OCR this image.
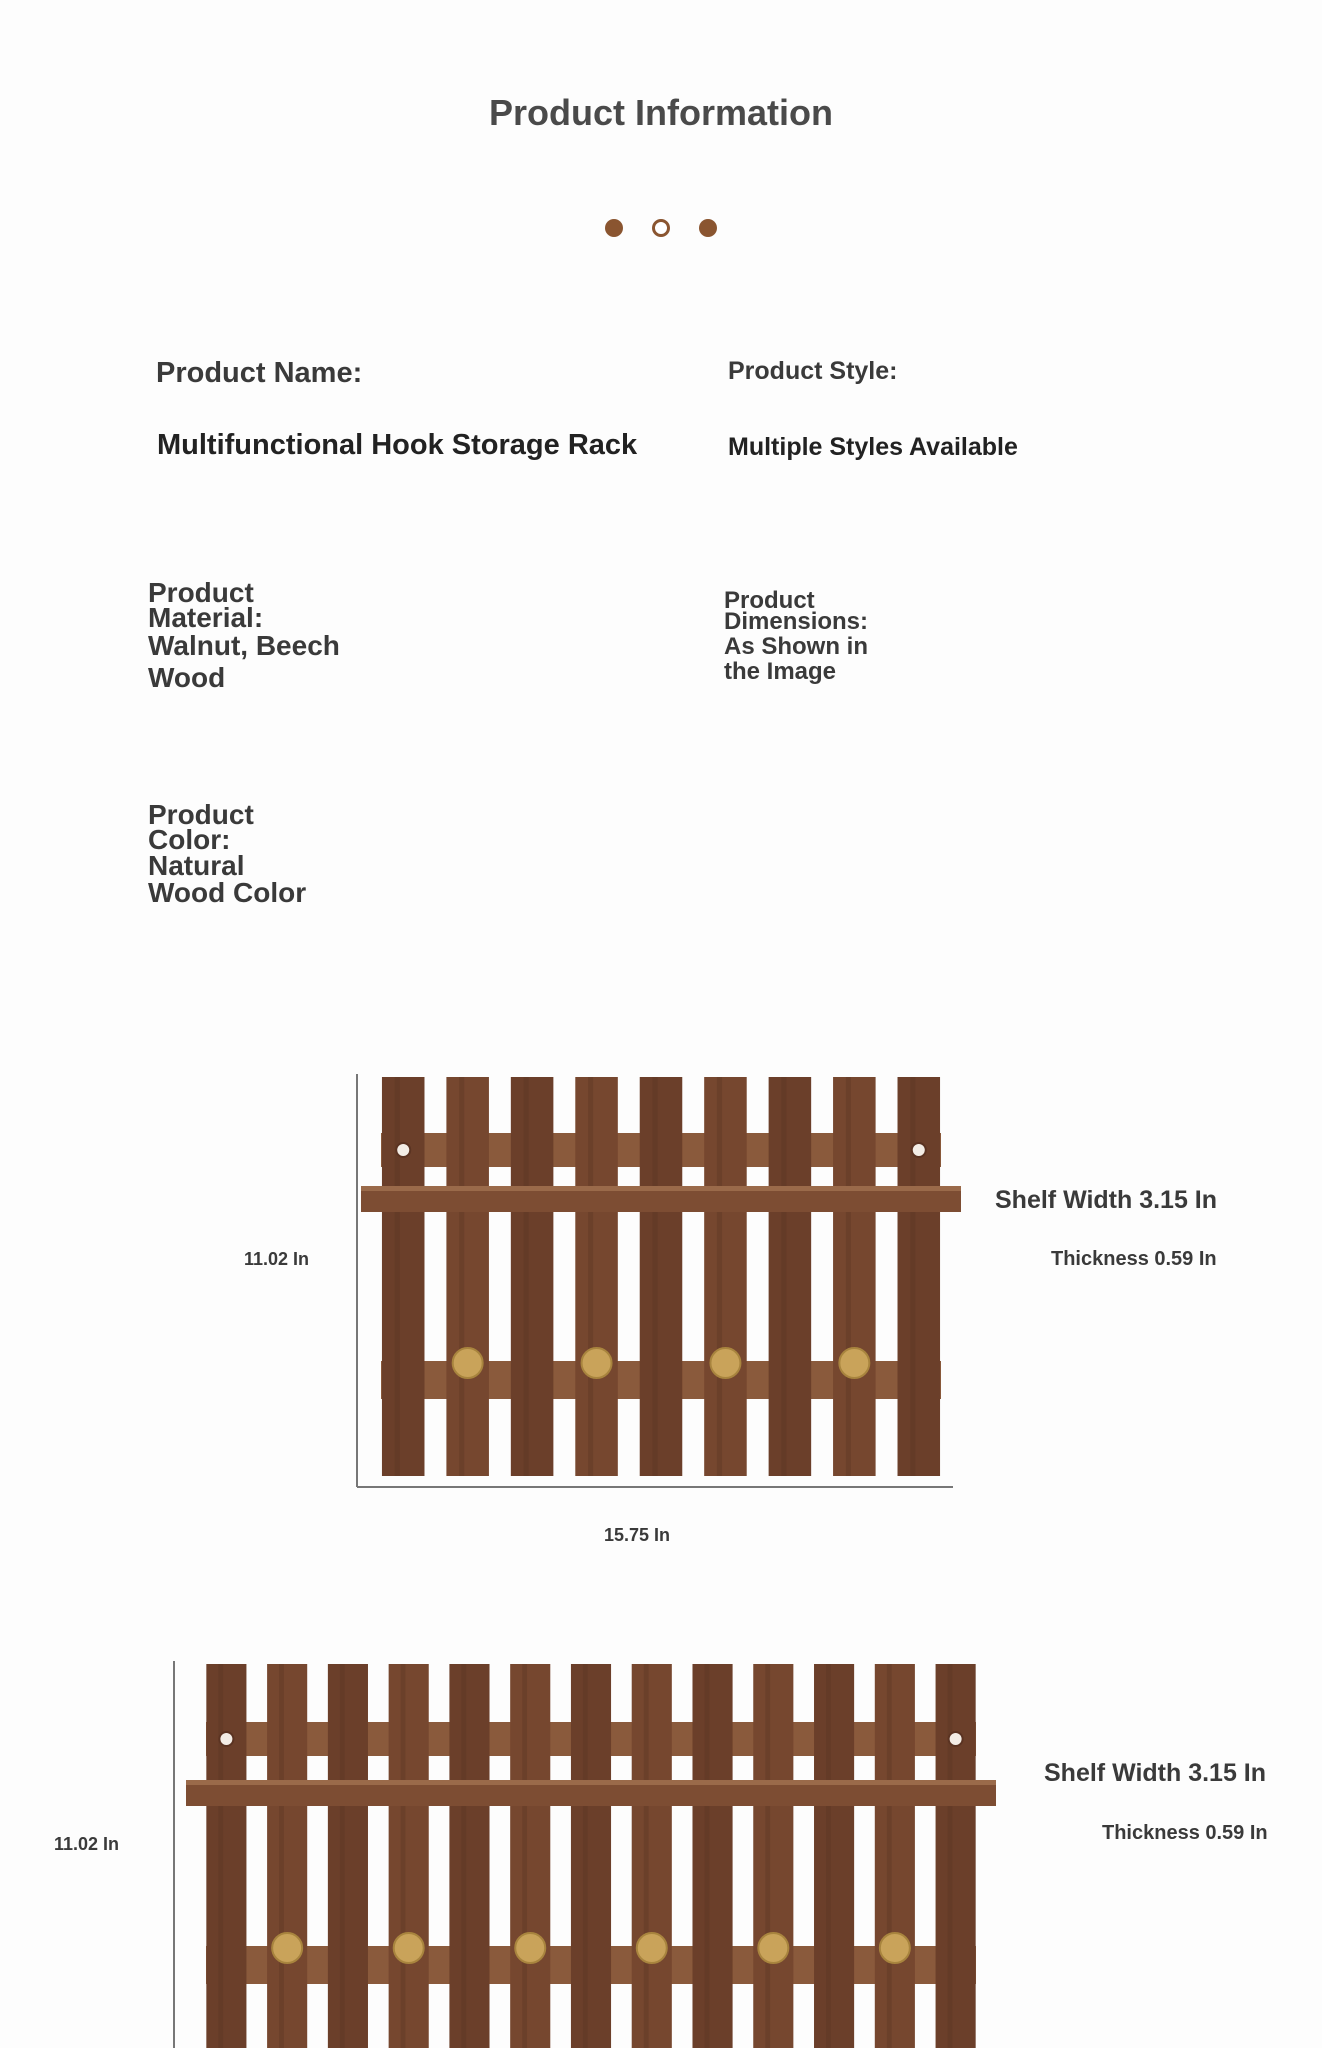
Product Information
Product Name:
Multifunctional Hook Storage Rack
Product Style:
Multiple Styles Available
Product
Material:
Walnut, Beech
Wood
Product
Dimensions:
As Shown in
the Image
Product
Color:
Natural
Wood Color
11.02 In
15.75 In
Shelf Width 3.15 In
Thickness 0.59 In
11.02 In
Shelf Width 3.15 In
Thickness 0.59 In
